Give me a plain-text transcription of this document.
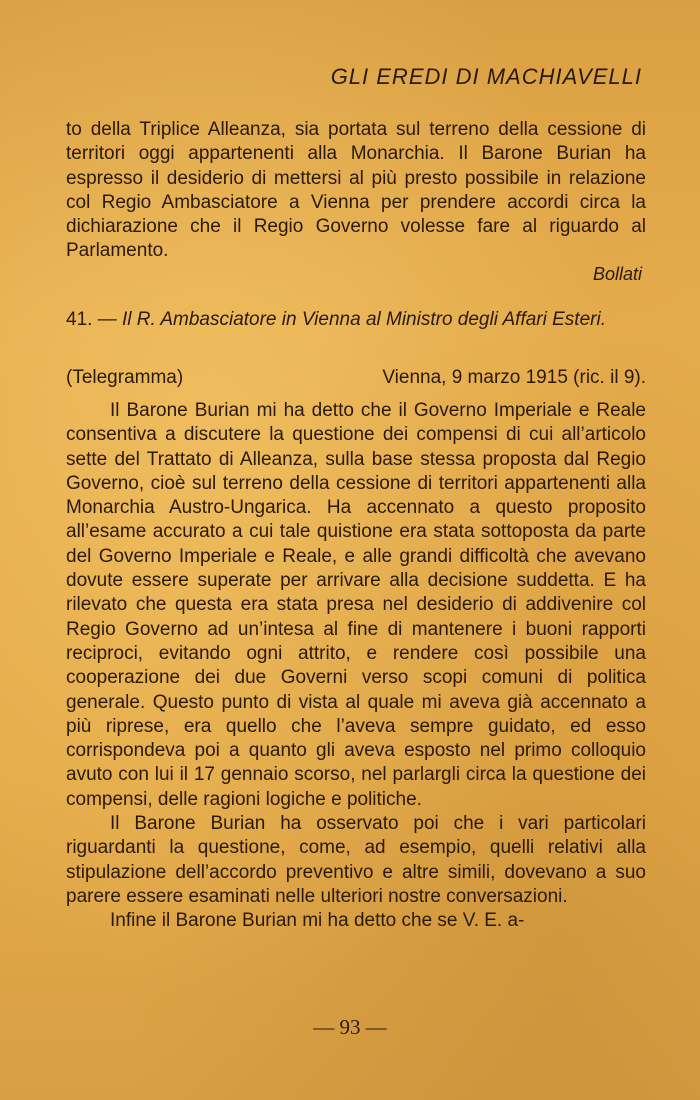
GLI EREDI DI MACHIAVELLI

to della Triplice Alleanza, sia portata sul terreno della cessione di territori oggi appartenenti alla Monarchia. Il Barone Burian ha espresso il desiderio di mettersi al più presto possibile in relazione col Regio Ambasciatore a Vienna per prendere accordi circa la dichiarazione che il Regio Governo volesse fare al riguardo al Parlamento.

Bollati
41. — Il R. Ambasciatore in Vienna al Ministro degli Affari Esteri.
(Telegramma)	Vienna, 9 marzo 1915 (ric. il 9).

Il Barone Burian mi ha detto che il Governo Imperiale e Reale consentiva a discutere la questione dei compensi di cui all’articolo sette del Trattato di Alleanza, sulla base stessa proposta dal Regio Governo, cioè sul terreno della cessione di territori appartenenti alla Monarchia Austro-Ungarica. Ha accennato a questo proposito all’esame accurato a cui tale quistione era stata sottoposta da parte del Governo Imperiale e Reale, e alle grandi difficoltà che avevano dovute essere superate per arrivare alla decisione suddetta. E ha rilevato che questa era stata presa nel desiderio di addivenire col Regio Governo ad un’intesa al fine di mantenere i buoni rapporti reciproci, evitando ogni attrito, e rendere così possibile una cooperazione dei due Governi verso scopi comuni di politica generale. Questo punto di vista al quale mi aveva già accennato a più riprese, era quello che l’aveva sempre guidato, ed esso corrispondeva poi a quanto gli aveva esposto nel primo colloquio avuto con lui il 17 gennaio scorso, nel parlargli circa la questione dei compensi, delle ragioni logiche e politiche.

Il Barone Burian ha osservato poi che i vari particolari riguardanti la questione, come, ad esempio, quelli relativi alla stipulazione dell’accordo preventivo e altre simili, dovevano a suo parere essere esaminati nelle ulteriori nostre conversazioni.

Infine il Barone Burian mi ha detto che se V. E. a-

— 93 —
